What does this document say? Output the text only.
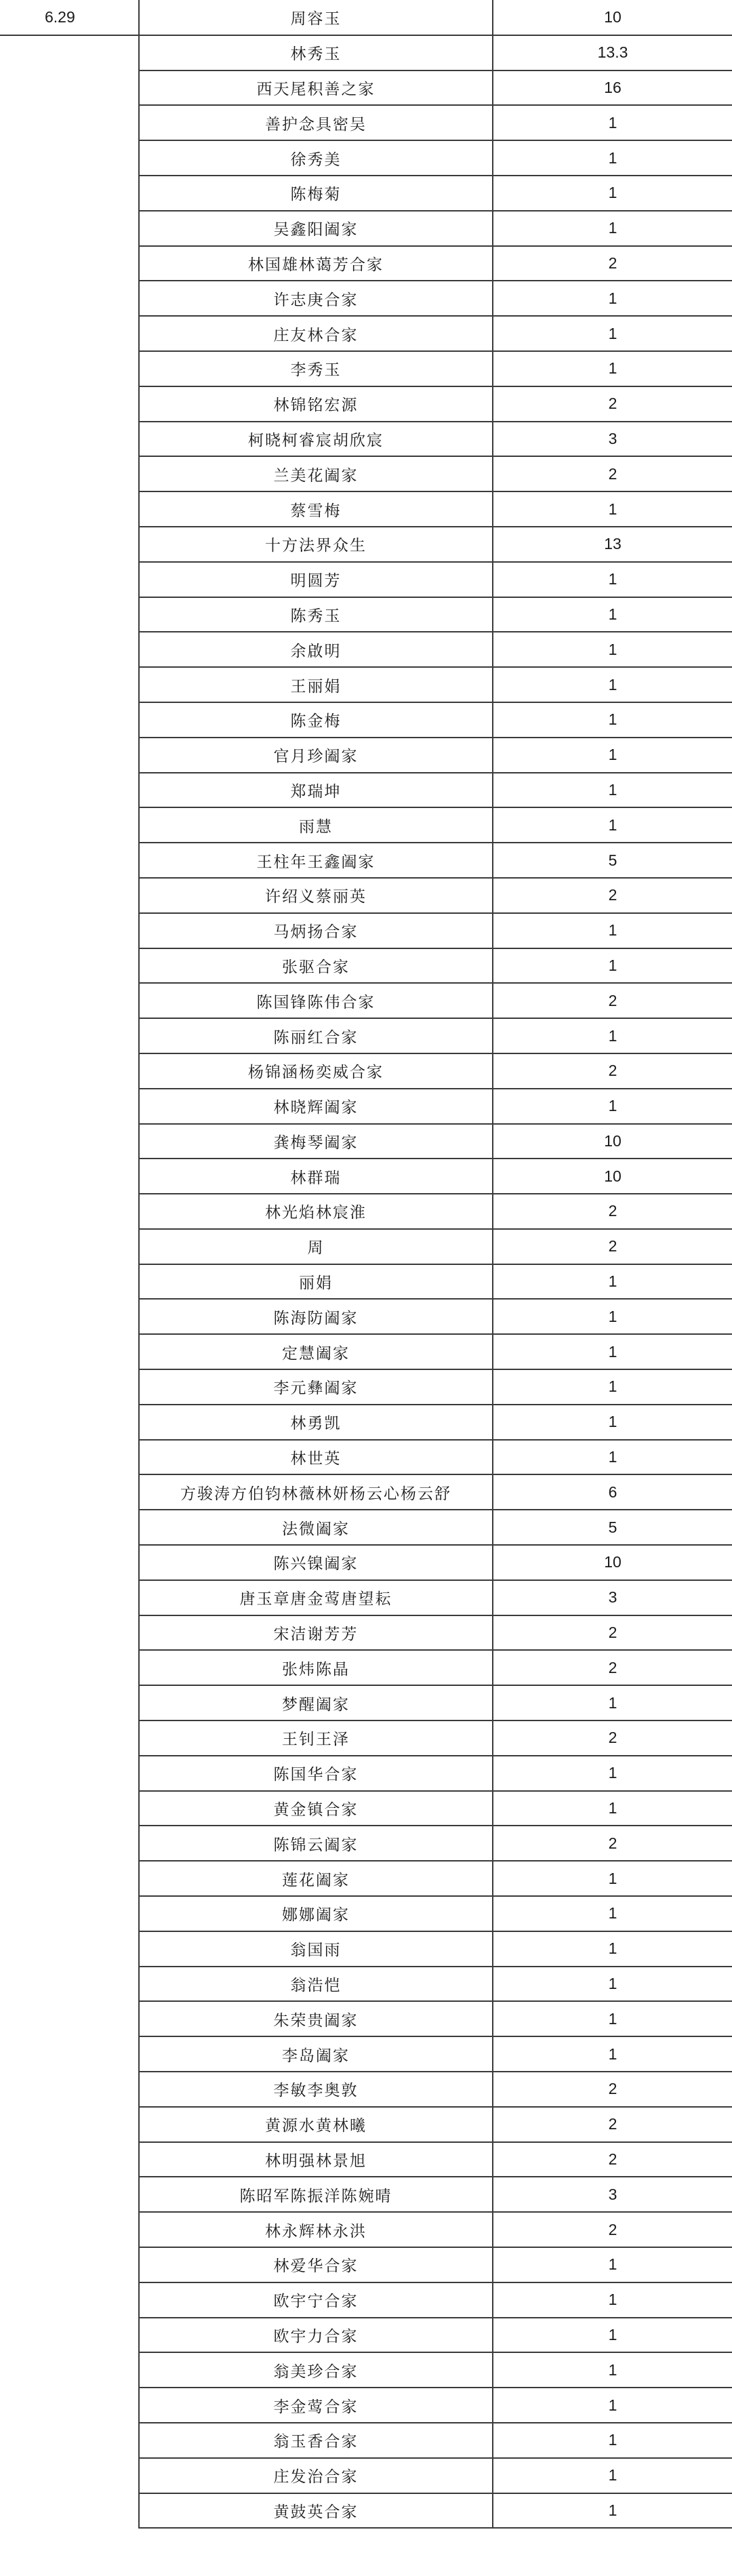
6.29	周容玉	10
	林秀玉	13.3
	西天尾积善之家	16
	善护念具密吴	1
	徐秀美	1
	陈梅菊	1
	吴鑫阳阖家	1
	林国雄林蔼芳合家	2
	许志庚合家	1
	庄友林合家	1
	李秀玉	1
	林锦铭宏源	2
	柯晓柯睿宸胡欣宸	3
	兰美花阖家	2
	蔡雪梅	1
	十方法界众生	13
	明圆芳	1
	陈秀玉	1
	余啟明	1
	王丽娟	1
	陈金梅	1
	官月珍阖家	1
	郑瑞坤	1
	雨慧	1
	王柱年王鑫阖家	5
	许绍义蔡丽英	2
	马炳扬合家	1
	张驱合家	1
	陈国锋陈伟合家	2
	陈丽红合家	1
	杨锦涵杨奕威合家	2
	林晓辉阖家	1
	龚梅琴阖家	10
	林群瑞	10
	林光焰林宸淮	2
	周	2
	丽娟	1
	陈海防阖家	1
	定慧阖家	1
	李元彝阖家	1
	林勇凯	1
	林世英	1
	方骏涛方伯钧林薇林妍杨云心杨云舒	6
	法微阖家	5
	陈兴镍阖家	10
	唐玉章唐金莺唐望耘	3
	宋洁谢芳芳	2
	张炜陈晶	2
	梦醒阖家	1
	王钊王泽	2
	陈国华合家	1
	黄金镇合家	1
	陈锦云阖家	2
	莲花阖家	1
	娜娜阖家	1
	翁国雨	1
	翁浩恺	1
	朱荣贵阖家	1
	李岛阖家	1
	李敏李奥敦	2
	黄源水黄林曦	2
	林明强林景旭	2
	陈昭军陈振洋陈婉晴	3
	林永辉林永洪	2
	林爱华合家	1
	欧宇宁合家	1
	欧宇力合家	1
	翁美珍合家	1
	李金莺合家	1
	翁玉香合家	1
	庄发治合家	1
	黄鼓英合家	1
